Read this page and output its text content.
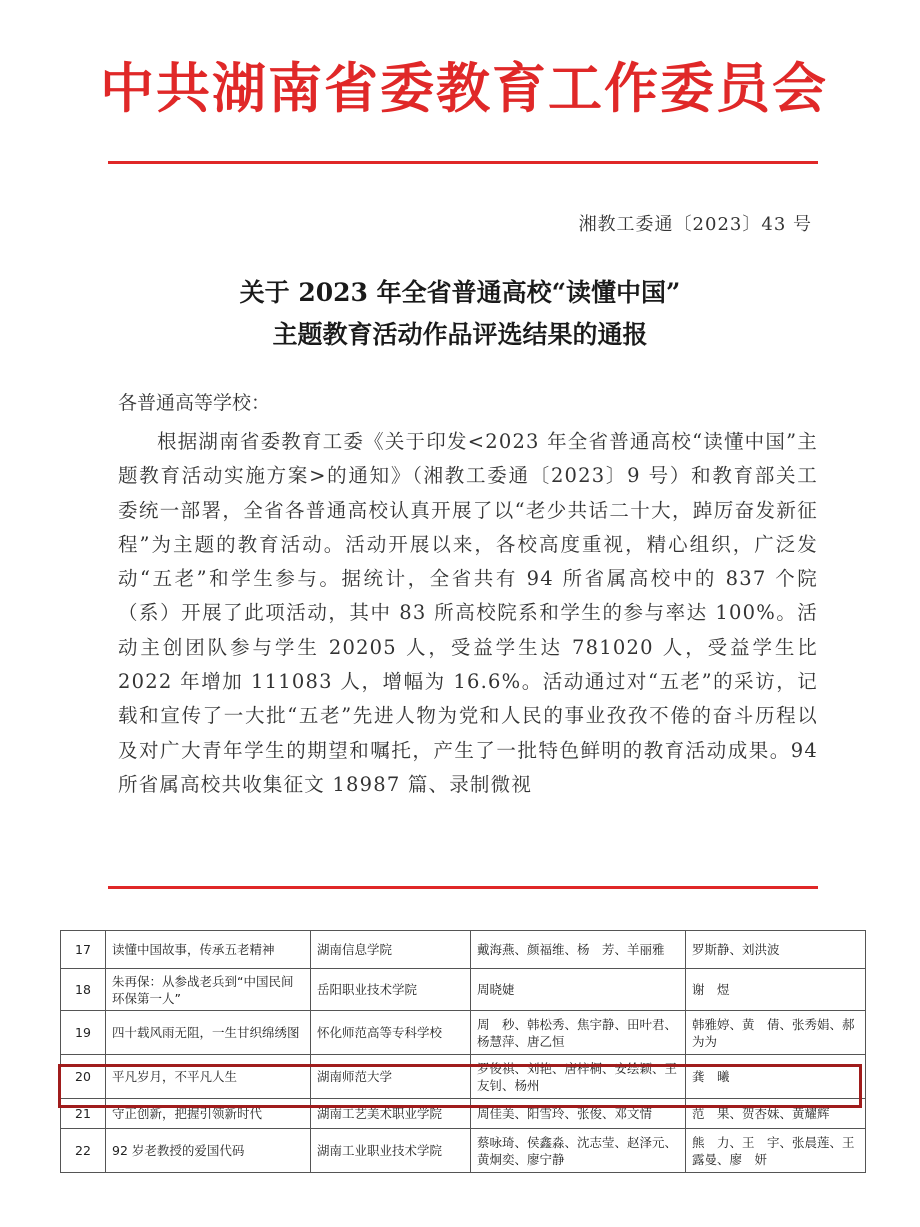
中共湖南省委教育工作委员会
湘教工委通〔2023〕43 号
关于 2023 年全省普通高校“读懂中国”
主题教育活动作品评选结果的通报
各普通高等学校：
根据湖南省委教育工委《关于印发<2023 年全省普通高校“读懂中国”主题教育活动实施方案>的通知》（湘教工委通〔2023〕9 号）和教育部关工委统一部署，全省各普通高校认真开展了以“老少共话二十大，踔厉奋发新征程”为主题的教育活动。活动开展以来，各校高度重视，精心组织，广泛发动“五老”和学生参与。据统计，全省共有 94 所省属高校中的 837 个院（系）开展了此项活动，其中 83 所高校院系和学生的参与率达 100%。活动主创团队参与学生 20205 人，受益学生达 781020 人，受益学生比 2022 年增加 111083 人，增幅为 16.6%。活动通过对“五老”的采访，记载和宣传了一大批“五老”先进人物为党和人民的事业孜孜不倦的奋斗历程以及对广大青年学生的期望和嘱托，产生了一批特色鲜明的教育活动成果。94 所省属高校共收集征文 18987 篇、录制微视
17	读懂中国故事，传承五老精神	湖南信息学院	戴海燕、颜福维、杨　芳、羊丽雅	罗斯静、刘洪波
18	朱再保：从参战老兵到“中国民间环保第一人”	岳阳职业技术学院	周晓婕	谢　煜
19	四十载风雨无阻，一生甘织绵绣图	怀化师范高等专科学校	周　秒、韩松秀、焦宇静、田叶君、杨慧萍、唐乙恒	韩雅婷、黄　倩、张秀娟、郝为为
20	平凡岁月，不平凡人生	湖南师范大学	罗俊祺、刘艳、唐梓桐、安绘颖、王友钊、杨州	龚　曦
21	守正创新，把握引领新时代	湖南工艺美术职业学院	周佳美、阳雪玲、张俊、邓文情	范　果、贺杏妹、黄耀辉
22	92 岁老教授的爱国代码	湖南工业职业技术学院	蔡咏琦、侯鑫淼、沈志莹、赵泽元、黄炯奕、廖宁静	熊　力、王　宇、张晨莲、王露曼、廖　妍
